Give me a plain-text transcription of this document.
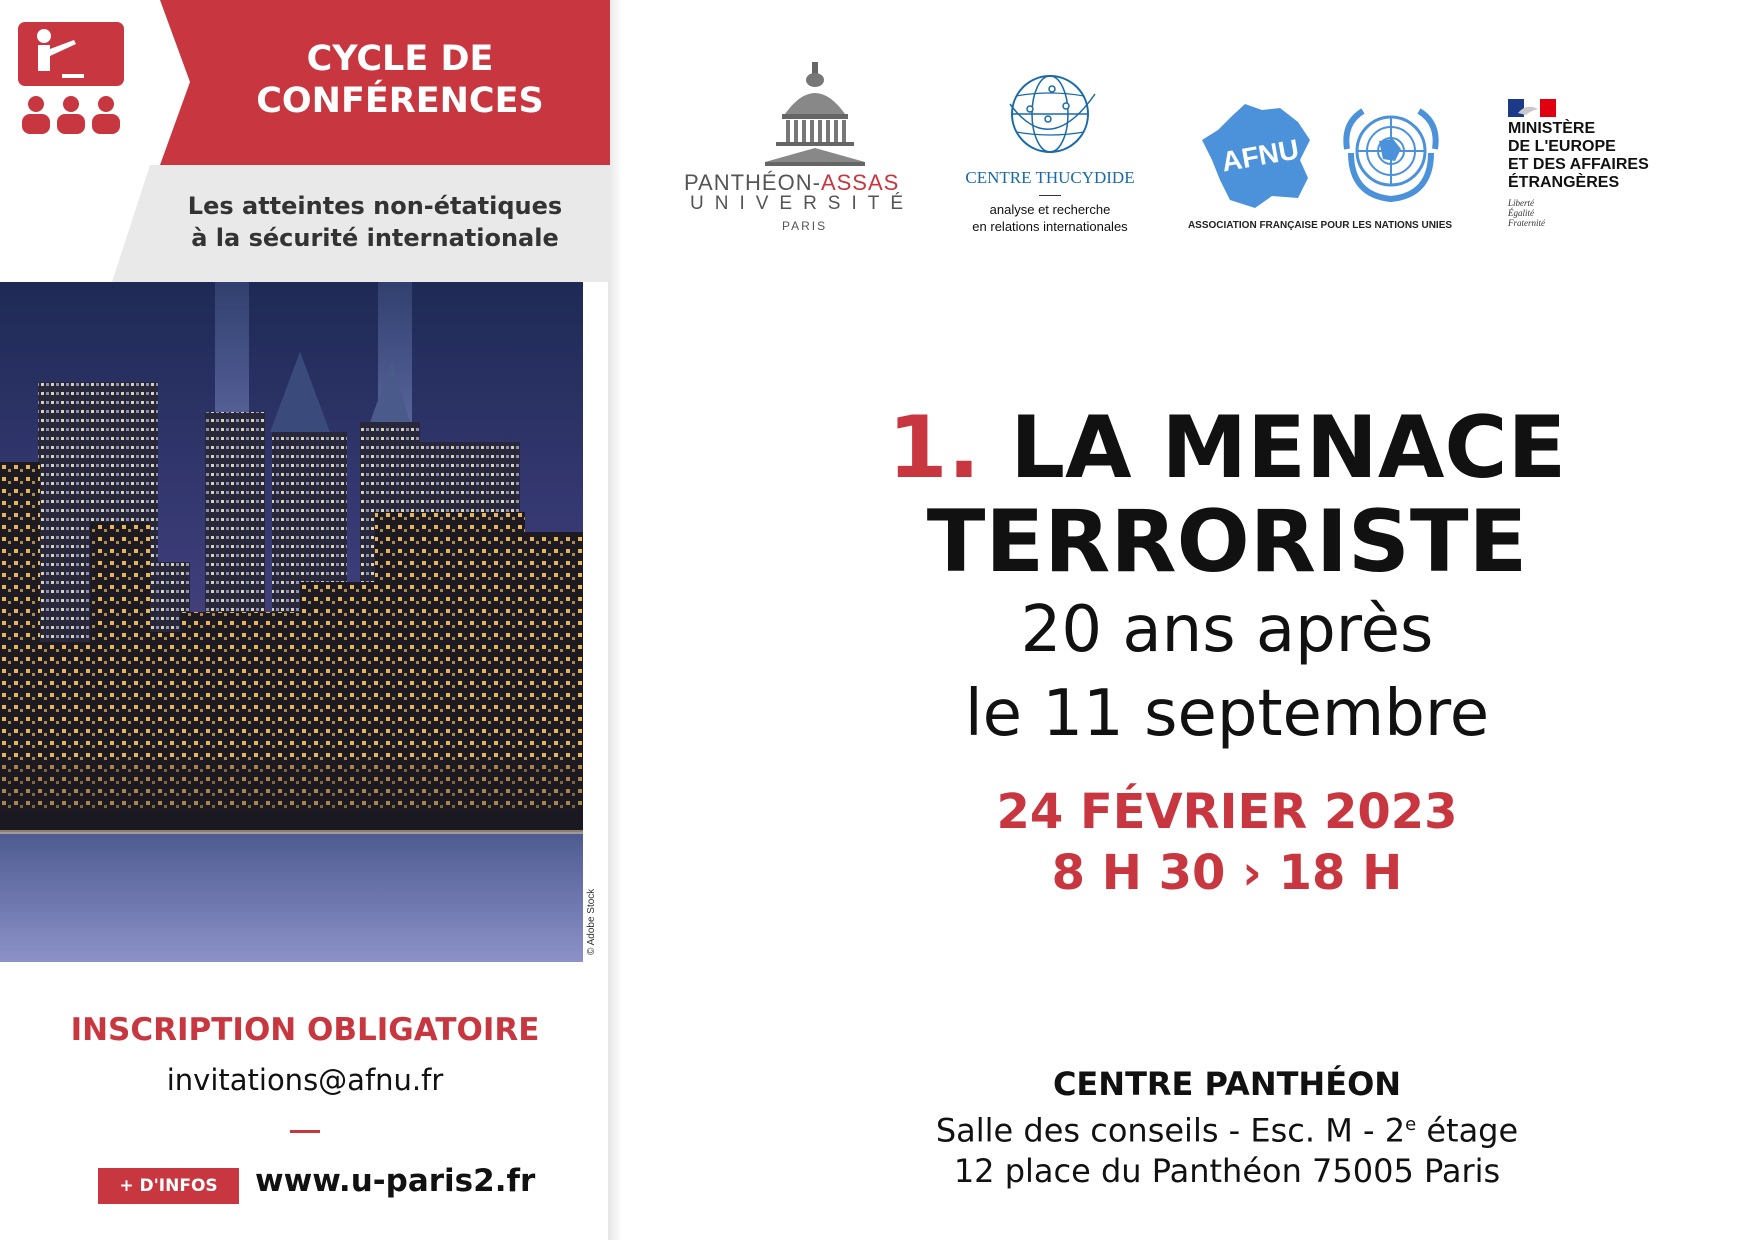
CYCLE DE
CONFÉRENCES
Les atteintes non-étatiques
à la sécurité internationale
© Adobe Stock
INSCRIPTION OBLIGATOIRE
invitations@afnu.fr
+ D'INFOS	www.u-paris2.fr
PANTHÉON-ASSAS
UNIVERSITÉ
PARIS
CENTRE THUCYDIDE
analyse et recherche
en relations internationales
AFNU
ASSOCIATION FRANÇAISE POUR LES NATIONS UNIES
MINISTÈRE
DE L'EUROPE
ET DES AFFAIRES
ÉTRANGÈRES
Liberté
Égalité
Fraternité
1. LA MENACE
TERRORISTE
20 ans après
le 11 septembre
24 FÉVRIER 2023
8 H 30 › 18 H
CENTRE PANTHÉON
Salle des conseils - Esc. M - 2e étage
12 place du Panthéon 75005 Paris
